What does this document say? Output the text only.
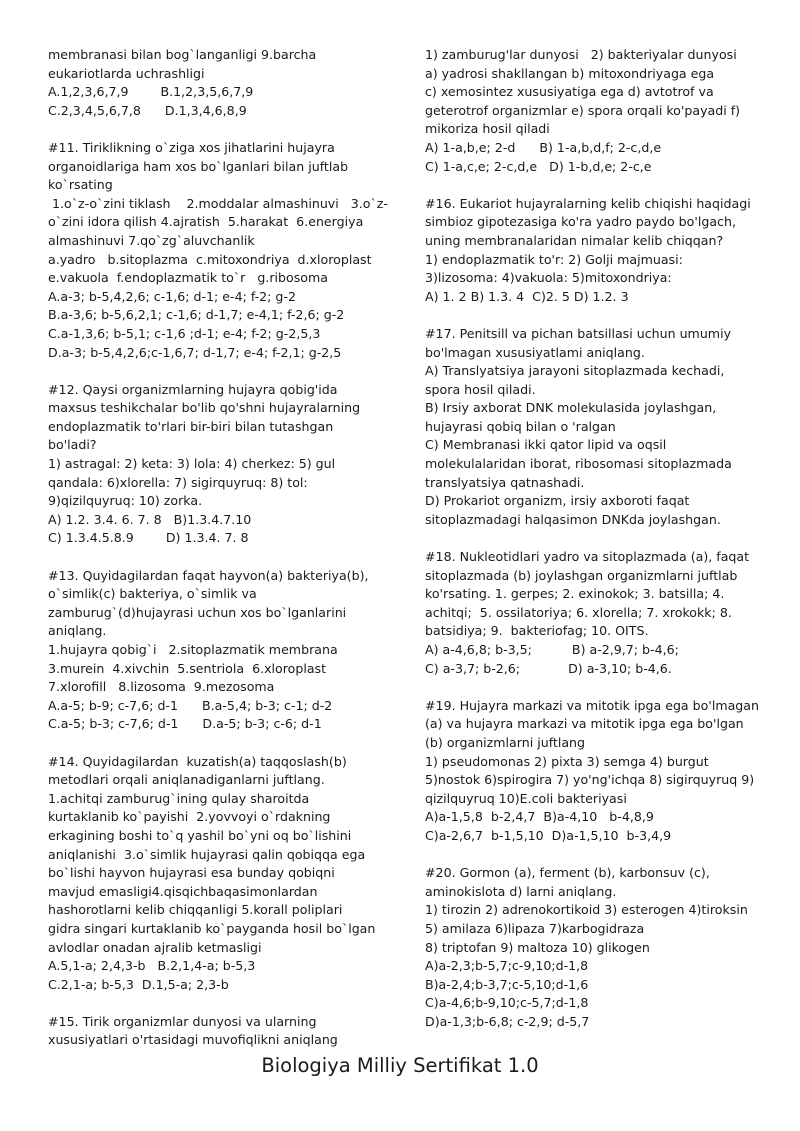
membranasi bilan bog`langanligi 9.barcha
eukariotlarda uchrashligi
A.1,2,3,6,7,9        B.1,2,3,5,6,7,9
C.2,3,4,5,6,7,8      D.1,3,4,6,8,9
#11. Tiriklikning o`ziga xos jihatlarini hujayra
organoidlariga ham xos bo`lganlari bilan juftlab
ko`rsating
1.o`z-o`zini tiklash    2.moddalar almashinuvi   3.o`z-
o`zini idora qilish 4.ajratish  5.harakat  6.energiya
almashinuvi 7.qo`zg`aluvchanlik
a.yadro   b.sitoplazma  c.mitoxondriya  d.xloroplast
e.vakuola  f.endoplazmatik to`r   g.ribosoma
A.a-3; b-5,4,2,6; c-1,6; d-1; e-4; f-2; g-2
B.a-3,6; b-5,6,2,1; c-1,6; d-1,7; e-4,1; f-2,6; g-2
C.a-1,3,6; b-5,1; c-1,6 ;d-1; e-4; f-2; g-2,5,3
D.a-3; b-5,4,2,6;c-1,6,7; d-1,7; e-4; f-2,1; g-2,5
#12. Qaysi organizmlarning hujayra qobig'ida
maxsus teshikchalar bo'lib qo'shni hujayralarning
endoplazmatik to'rlari bir-biri bilan tutashgan
bo'ladi?
1) astragal: 2) keta: 3) lola: 4) cherkez: 5) gul
qandala: 6)xlorella: 7) sigirquyruq: 8) tol:
9)qizilquyruq: 10) zorka.
A) 1.2. 3.4. 6. 7. 8   B)1.3.4.7.10
C) 1.3.4.5.8.9        D) 1.3.4. 7. 8
#13. Quyidagilardan faqat hayvon(a) bakteriya(b),
o`simlik(c) bakteriya, o`simlik va
zamburug`(d)hujayrasi uchun xos bo`lganlarini
aniqlang.
1.hujayra qobig`i   2.sitoplazmatik membrana
3.murein  4.xivchin  5.sentriola  6.xloroplast
7.xlorofill   8.lizosoma  9.mezosoma
A.a-5; b-9; c-7,6; d-1      B.a-5,4; b-3; c-1; d-2
C.a-5; b-3; c-7,6; d-1      D.a-5; b-3; c-6; d-1
#14. Quyidagilardan  kuzatish(a) taqqoslash(b)
metodlari orqali aniqlanadiganlarni juftlang.
1.achitqi zamburug`ining qulay sharoitda
kurtaklanib ko`payishi  2.yovvoyi o`rdakning
erkagining boshi to`q yashil bo`yni oq bo`lishini
aniqlanishi  3.o`simlik hujayrasi qalin qobiqqa ega
bo`lishi hayvon hujayrasi esa bunday qobiqni
mavjud emasligi4.qisqichbaqasimonlardan
hashorotlarni kelib chiqqanligi 5.korall poliplari
gidra singari kurtaklanib ko`payganda hosil bo`lgan
avlodlar onadan ajralib ketmasligi
A.5,1-a; 2,4,3-b   B.2,1,4-a; b-5,3
C.2,1-a; b-5,3  D.1,5-a; 2,3-b
#15. Tirik organizmlar dunyosi va ularning
xususiyatlari o'rtasidagi muvofiqlikni aniqlang
1) zamburug'lar dunyosi   2) bakteriyalar dunyosi
a) yadrosi shakllangan b) mitoxondriyaga ega
c) xemosintez xususiyatiga ega d) avtotrof va
geterotrof organizmlar e) spora orqali ko'payadi f)
mikoriza hosil qiladi
A) 1-a,b,e; 2-d      B) 1-a,b,d,f; 2-c,d,e
C) 1-a,c,e; 2-c,d,e   D) 1-b,d,e; 2-c,e
#16. Eukariot hujayralarning kelib chiqishi haqidagi
simbioz gipotezasiga ko'ra yadro paydo bo'lgach,
uning membranalaridan nimalar kelib chiqqan?
1) endoplazmatik to'r: 2) Golji majmuasi:
3)lizosoma: 4)vakuola: 5)mitoxondriya:
A) 1. 2 B) 1.3. 4  C)2. 5 D) 1.2. 3
#17. Penitsill va pichan batsillasi uchun umumiy
bo'lmagan xususiyatlami aniqlang.
A) Translyatsiya jarayoni sitoplazmada kechadi,
spora hosil qiladi.
B) Irsiy axborat DNK molekulasida joylashgan,
hujayrasi qobiq bilan o 'ralgan
C) Membranasi ikki qator lipid va oqsil
molekulalaridan iborat, ribosomasi sitoplazmada
translyatsiya qatnashadi.
D) Prokariot organizm, irsiy axboroti faqat
sitoplazmadagi halqasimon DNKda joylashgan.
#18. Nukleotidlari yadro va sitoplazmada (a), faqat
sitoplazmada (b) joylashgan organizmlarni juftlab
ko'rsating. 1. gerpes; 2. exinokok; 3. batsilla; 4.
achitqi;  5. ossilatoriya; 6. xlorella; 7. xrokokk; 8.
batsidiya; 9.  bakteriofag; 10. OITS.
A) a-4,6,8; b-3,5;          B) a-2,9,7; b-4,6;
C) a-3,7; b-2,6;            D) a-3,10; b-4,6.
#19. Hujayra markazi va mitotik ipga ega bo'lmagan
(a) va hujayra markazi va mitotik ipga ega bo'lgan
(b) organizmlarni juftlang
1) pseudomonas 2) pixta 3) semga 4) burgut
5)nostok 6)spirogira 7) yo'ng'ichqa 8) sigirquyruq 9)
qizilquyruq 10)E.coli bakteriyasi
A)a-1,5,8  b-2,4,7  B)a-4,10   b-4,8,9
C)a-2,6,7  b-1,5,10  D)a-1,5,10  b-3,4,9
#20. Gormon (a), ferment (b), karbonsuv (c),
aminokislota d) larni aniqlang.
1) tirozin 2) adrenokortikoid 3) esterogen 4)tiroksin
5) amilaza 6)lipaza 7)karbogidraza
8) triptofan 9) maltoza 10) glikogen
A)a-2,3;b-5,7;c-9,10;d-1,8
B)a-2,4;b-3,7;c-5,10;d-1,6
C)a-4,6;b-9,10;c-5,7;d-1,8
D)a-1,3;b-6,8; c-2,9; d-5,7
Biologiya Milliy Sertifikat 1.0
